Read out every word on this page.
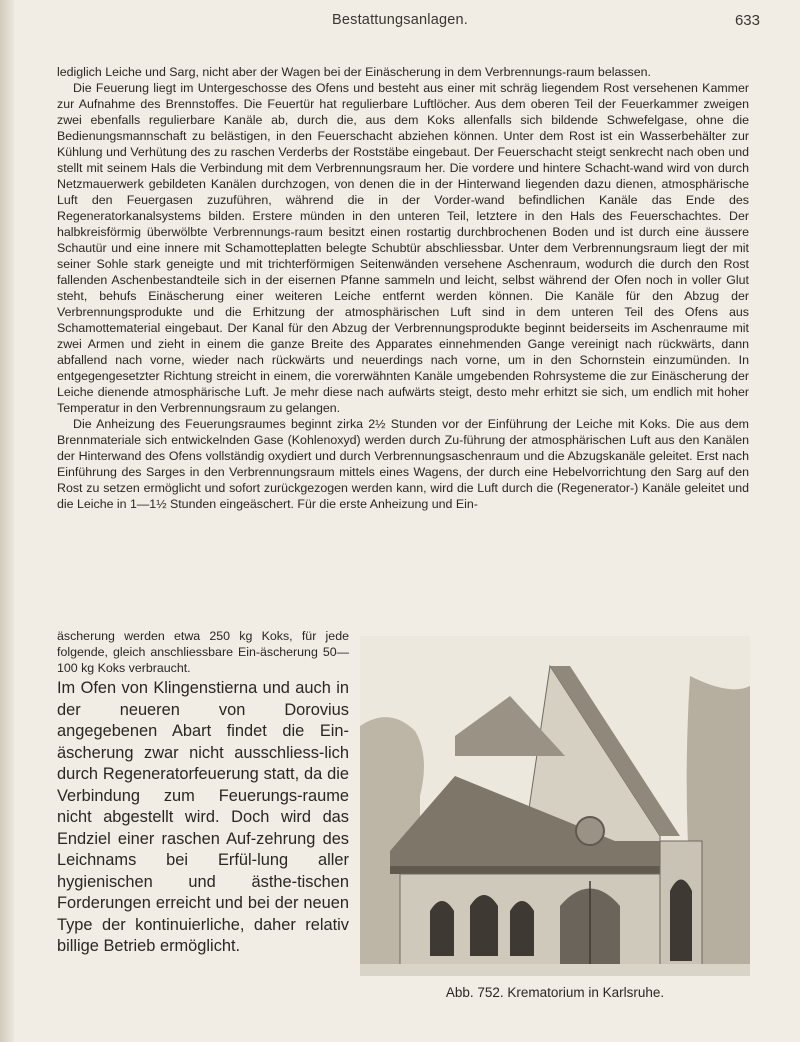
Bestattungsanlagen.	633

lediglich Leiche und Sarg, nicht aber der Wagen bei der Einäscherung in dem Verbrennungs-raum belassen.

Die Feuerung liegt im Untergeschosse des Ofens und besteht aus einer mit schräg liegendem Rost versehenen Kammer zur Aufnahme des Brennstoffes. Die Feuertür hat regulierbare Luftlöcher. Aus dem oberen Teil der Feuerkammer zweigen zwei ebenfalls regulierbare Kanäle ab, durch die, aus dem Koks allenfalls sich bildende Schwefelgase, ohne die Bedienungsmannschaft zu belästigen, in den Feuerschacht abziehen können. Unter dem Rost ist ein Wasserbehälter zur Kühlung und Verhütung des zu raschen Verderbs der Roststäbe eingebaut. Der Feuerschacht steigt senkrecht nach oben und stellt mit seinem Hals die Verbindung mit dem Verbrennungsraum her. Die vordere und hintere Schacht-wand wird von durch Netzmauerwerk gebildeten Kanälen durchzogen, von denen die in der Hinterwand liegenden dazu dienen, atmosphärische Luft den Feuergasen zuzuführen, während die in der Vorder-wand befindlichen Kanäle das Ende des Regeneratorkanalsystems bilden. Erstere münden in den unteren Teil, letztere in den Hals des Feuerschachtes. Der halbkreisförmig überwölbte Verbrennungs-raum besitzt einen rostartig durchbrochenen Boden und ist durch eine äussere Schautür und eine innere mit Schamotteplatten belegte Schubtür abschliessbar. Unter dem Verbrennungsraum liegt der mit seiner Sohle stark geneigte und mit trichterförmigen Seitenwänden versehene Aschenraum, wodurch die durch den Rost fallenden Aschenbestandteile sich in der eisernen Pfanne sammeln und leicht, selbst während der Ofen noch in voller Glut steht, behufs Einäscherung einer weiteren Leiche entfernt werden können. Die Kanäle für den Abzug der Verbrennungsprodukte und die Erhitzung der atmosphärischen Luft sind in dem unteren Teil des Ofens aus Schamottematerial eingebaut. Der Kanal für den Abzug der Verbrennungsprodukte beginnt beiderseits im Aschenraume mit zwei Armen und zieht in einem die ganze Breite des Apparates einnehmenden Gange vereinigt nach rückwärts, dann abfallend nach vorne, wieder nach rückwärts und neuerdings nach vorne, um in den Schornstein einzumünden. In entgegengesetzter Richtung streicht in einem, die vorerwähnten Kanäle umgebenden Rohrsysteme die zur Einäscherung der Leiche dienende atmosphärische Luft. Je mehr diese nach aufwärts steigt, desto mehr erhitzt sie sich, um endlich mit hoher Temperatur in den Verbrennungsraum zu gelangen.

Die Anheizung des Feuerungsraumes beginnt zirka 2½ Stunden vor der Einführung der Leiche mit Koks. Die aus dem Brennmateriale sich entwickelnden Gase (Kohlenoxyd) werden durch Zu-führung der atmosphärischen Luft aus den Kanälen der Hinterwand des Ofens vollständig oxydiert und durch Verbrennungsaschenraum und die Abzugskanäle geleitet. Erst nach Einführung des Sarges in den Verbrennungsraum mittels eines Wagens, der durch eine Hebelvorrichtung den Sarg auf den Rost zu setzen ermöglicht und sofort zurückgezogen werden kann, wird die Luft durch die (Regenerator-) Kanäle geleitet und die Leiche in 1—1½ Stunden eingeäschert. Für die erste Anheizung und Ein-

äscherung werden etwa 250 kg Koks, für jede folgende, gleich anschliessbare Ein-äscherung 50—100 kg Koks verbraucht.

Im Ofen von Klingenstierna und auch in der neueren von Dorovius angegebenen Abart findet die Ein-äscherung zwar nicht ausschliess-lich durch Regeneratorfeuerung statt, da die Verbindung zum Feuerungs-raume nicht abgestellt wird. Doch wird das Endziel einer raschen Auf-zehrung des Leichnams bei Erfül-lung aller hygienischen und ästhe-tischen Forderungen erreicht und bei der neuen Type der kontinuierliche, daher relativ billige Betrieb ermöglicht.

Abb. 752. Krematorium in Karlsruhe.
